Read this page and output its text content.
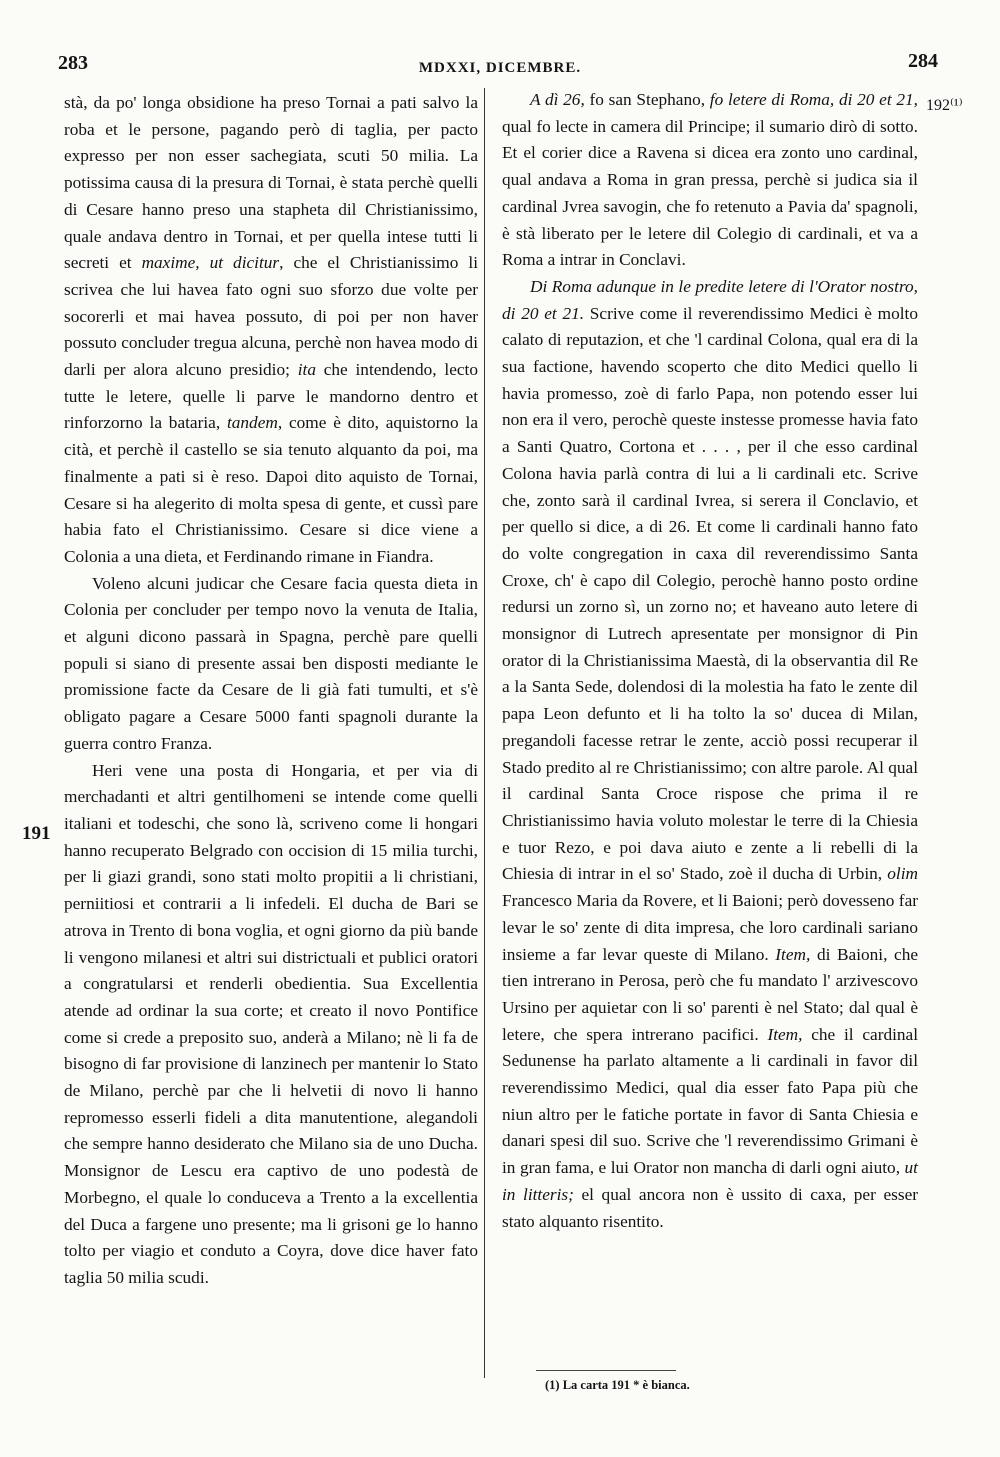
283	MDXXI, DICEMBRE.	284
191
192⁽¹⁾

stà, da po' longa obsidione ha preso Tornai a pati salvo la roba et le persone, pagando però di taglia, per pacto expresso per non esser sachegiata, scuti 50 milia. La potissima causa di la presura di Tornai, è stata perchè quelli di Cesare hanno preso una stapheta dil Christianissimo, quale andava dentro in Tornai, et per quella intese tutti li secreti et maxime, ut dicitur, che el Christianissimo li scrivea che lui havea fato ogni suo sforzo due volte per socorerli et mai havea possuto, di poi per non haver possuto concluder tregua alcuna, perchè non havea modo di darli per alora alcuno presidio; ita che intendendo, lecto tutte le letere, quelle li parve le mandorno dentro et rinforzorno la bataria, tandem, come è dito, aquistorno la cità, et perchè il castello se sia tenuto alquanto da poi, ma finalmente a pati si è reso. Dapoi dito aquisto de Tornai, Cesare si ha alegerito di molta spesa di gente, et cussì pare habia fato el Christianissimo. Cesare si dice viene a Colonia a una dieta, et Ferdinando rimane in Fiandra.

Voleno alcuni judicar che Cesare facia questa dieta in Colonia per concluder per tempo novo la venuta de Italia, et alguni dicono passarà in Spagna, perchè pare quelli populi si siano di presente assai ben disposti mediante le promissione facte da Cesare de li già fati tumulti, et s'è obligato pagare a Cesare 5000 fanti spagnoli durante la guerra contro Franza.

Heri vene una posta di Hongaria, et per via di merchadanti et altri gentilhomeni se intende come quelli italiani et todeschi, che sono là, scriveno come li hongari hanno recuperato Belgrado con occision di 15 milia turchi, per li giazi grandi, sono stati molto propitii a li christiani, perniitiosi et contrarii a li infedeli. El ducha de Bari se atrova in Trento di bona voglia, et ogni giorno da più bande li vengono milanesi et altri sui districtuali et publici oratori a congratularsi et renderli obedientia. Sua Excellentia atende ad ordinar la sua corte; et creato il novo Pontifice come si crede a preposito suo, anderà a Milano; nè li fa de bisogno di far provisione di lanzinech per mantenir lo Stato de Milano, perchè par che li helvetii di novo li hanno repromesso esserli fideli a dita manutentione, alegandoli che sempre hanno desiderato che Milano sia de uno Ducha. Monsignor de Lescu era captivo de uno podestà de Morbegno, el quale lo conduceva a Trento a la excellentia del Duca a fargene uno presente; ma li grisoni ge lo hanno tolto per viagio et conduto a Coyra, dove dice haver fato taglia 50 milia scudi.

A dì 26, fo san Stephano, fo letere di Roma, di 20 et 21, qual fo lecte in camera dil Principe; il sumario dirò di sotto. Et el corier dice a Ravena si dicea era zonto uno cardinal, qual andava a Roma in gran pressa, perchè si judica sia il cardinal Jvrea savogin, che fo retenuto a Pavia da' spagnoli, è stà liberato per le letere dil Colegio di cardinali, et va a Roma a intrar in Conclavi.

Di Roma adunque in le predite letere di l'Orator nostro, di 20 et 21. Scrive come il reverendissimo Medici è molto calato di reputazion, et che 'l cardinal Colona, qual era di la sua factione, havendo scoperto che dito Medici quello li havia promesso, zoè di farlo Papa, non potendo esser lui non era il vero, perochè queste instesse promesse havia fato a Santi Quatro, Cortona et . . . , per il che esso cardinal Colona havia parlà contra di lui a li cardinali etc. Scrive che, zonto sarà il cardinal Ivrea, si serera il Conclavio, et per quello si dice, a di 26. Et come li cardinali hanno fato do volte congregation in caxa dil reverendissimo Santa Croxe, ch' è capo dil Colegio, perochè hanno posto ordine redursi un zorno sì, un zorno no; et haveano auto letere di monsignor di Lutrech apresentate per monsignor di Pin orator di la Christianissima Maestà, di la observantia dil Re a la Santa Sede, dolendosi di la molestia ha fato le zente dil papa Leon defunto et li ha tolto la so' ducea di Milan, pregandoli facesse retrar le zente, acciò possi recuperar il Stado predito al re Christianissimo; con altre parole. Al qual il cardinal Santa Croce rispose che prima il re Christianissimo havia voluto molestar le terre di la Chiesia e tuor Rezo, e poi dava aiuto e zente a li rebelli di la Chiesia di intrar in el so' Stado, zoè il ducha di Urbin, olim Francesco Maria da Rovere, et li Baioni; però dovesseno far levar le so' zente di dita impresa, che loro cardinali sariano insieme a far levar queste di Milano. Item, di Baioni, che tien intrerano in Perosa, però che fu mandato l' arzivescovo Ursino per aquietar con li so' parenti è nel Stato; dal qual è letere, che spera intrerano pacifici. Item, che il cardinal Sedunense ha parlato altamente a li cardinali in favor dil reverendissimo Medici, qual dia esser fato Papa più che niun altro per le fatiche portate in favor di Santa Chiesia e danari spesi dil suo. Scrive che 'l reverendissimo Grimani è in gran fama, e lui Orator non mancha di darli ogni aiuto, ut in litteris; el qual ancora non è ussito di caxa, per esser stato alquanto risentito.

(1) La carta 191 * è bianca.
